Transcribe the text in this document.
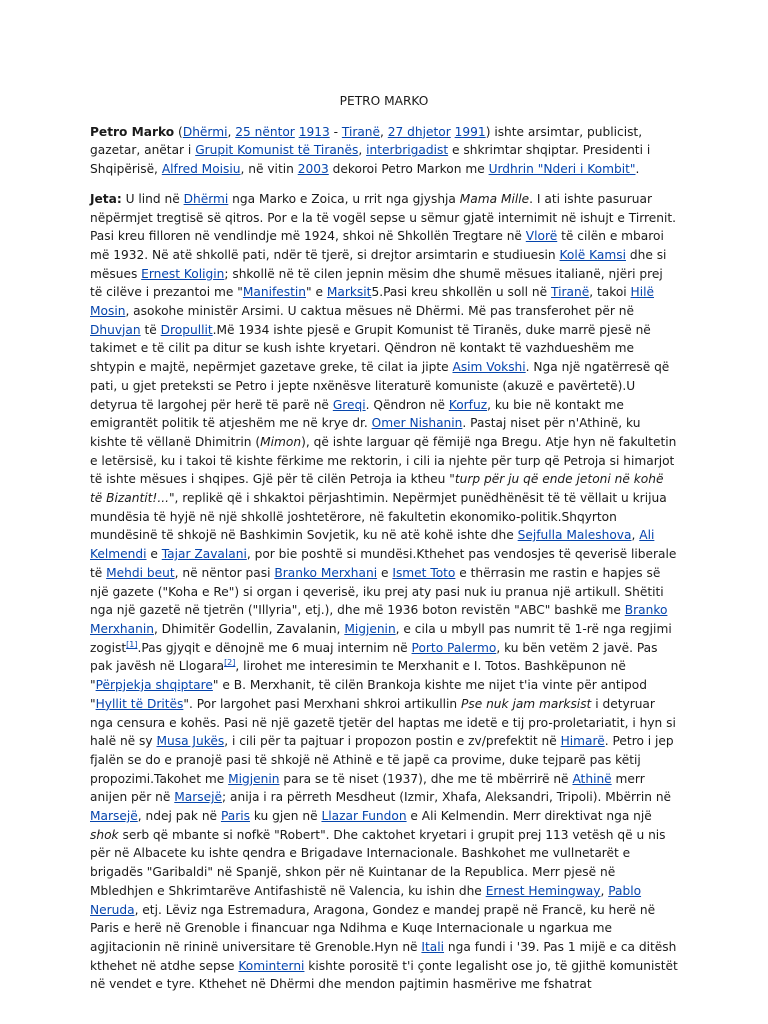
PETRO MARKO

Petro Marko (Dhërmi, 25 nëntor 1913 - Tiranë, 27 dhjetor 1991) ishte arsimtar, publicist, gazetar, anëtar i Grupit Komunist të Tiranës, interbrigadist e shkrimtar shqiptar. Presidenti i Shqipërisë, Alfred Moisiu, në vitin 2003 dekoroi Petro Markon me Urdhrin "Nderi i Kombit".

Jeta: U lind në Dhërmi nga Marko e Zoica, u rrit nga gjyshja Mama Mille. I ati ishte pasuruar nëpërmjet tregtisë së qitros. Por e la të vogël sepse u sëmur gjatë internimit në ishujt e Tirrenit. Pasi kreu filloren në vendlindje më 1924, shkoi në Shkollën Tregtare në Vlorë të cilën e mbaroi më 1932. Në atë shkollë pati, ndër të tjerë, si drejtor arsimtarin e studiuesin Kolë Kamsi dhe si mësues Ernest Koligin; shkollë në të cilen jepnin mësim dhe shumë mësues italianë, njëri prej të cilëve i prezantoi me "Manifestin" e Marksit5.Pasi kreu shkollën u soll në Tiranë, takoi Hilë Mosin, asokohe ministër Arsimi. U caktua mësues në Dhërmi. Më pas transferohet për në Dhuvjan të Dropullit.Më 1934 ishte pjesë e Grupit Komunist të Tiranës, duke marrë pjesë në takimet e të cilit pa ditur se kush ishte kryetari. Qëndron në kontakt të vazhdueshëm me shtypin e majtë, nepërmjet gazetave greke, të cilat ia jipte Asim Vokshi. Nga një ngatërresë që pati, u gjet preteksti se Petro i jepte nxënësve literaturë komuniste (akuzë e pavërtetë).U detyrua të largohej për herë të parë në Greqi. Qëndron në Korfuz, ku bie në kontakt me emigrantët politik të atjeshëm me në krye dr. Omer Nishanin. Pastaj niset për n'Athinë, ku kishte të vëllanë Dhimitrin (Mimon), që ishte larguar që fëmijë nga Bregu. Atje hyn në fakultetin e letërsisë, ku i takoi të kishte fërkime me rektorin, i cili ia njehte për turp që Petroja si himarjot të ishte mësues i shqipes. Gjë për të cilën Petroja ia ktheu "turp për ju që ende jetoni në kohë të Bizantit!...", replikë që i shkaktoi përjashtimin. Nepërmjet punëdhënësit të të vëllait u krijua mundësia të hyjë në një shkollë joshtetërore, në fakultetin ekonomiko-politik.Shqyrton mundësinë të shkojë në Bashkimin Sovjetik, ku në atë kohë ishte dhe Sejfulla Maleshova, Ali Kelmendi e Tajar Zavalani, por bie poshtë si mundësi.Kthehet pas vendosjes të qeverisë liberale të Mehdi beut, në nëntor pasi Branko Merxhani e Ismet Toto e thërrasin me rastin e hapjes së një gazete ("Koha e Re") si organ i qeverisë, iku prej aty pasi nuk iu pranua një artikull. Shëtiti nga një gazetë në tjetrën ("Illyria", etj.), dhe më 1936 boton revistën "ABC" bashkë me Branko Merxhanin, Dhimitër Godellin, Zavalanin, Migjenin, e cila u mbyll pas numrit të 1-rë nga regjimi zogist[1].Pas gjyqit e dënojnë me 6 muaj internim në Porto Palermo, ku bën vetëm 2 javë. Pas pak javësh në Llogara[2], lirohet me interesimin te Merxhanit e I. Totos. Bashkëpunon në "Përpjekja shqiptare" e B. Merxhanit, të cilën Brankoja kishte me nijet t'ia vinte për antipod "Hyllit të Dritës". Por largohet pasi Merxhani shkroi artikullin Pse nuk jam marksist i detyruar nga censura e kohës. Pasi në një gazetë tjetër del haptas me idetë e tij pro-proletariatit, i hyn si halë në sy Musa Jukës, i cili për ta pajtuar i propozon postin e zv/prefektit në Himarë. Petro i jep fjalën se do e pranojë pasi të shkojë në Athinë e të japë ca provime, duke tejparë pas këtij propozimi.Takohet me Migjenin para se të niset (1937), dhe me të mbërrirë në Athinë merr anijen për në Marsejë; anija i ra përreth Mesdheut (Izmir, Xhafa, Aleksandri, Tripoli). Mbërrin në Marsejë, ndej pak në Paris ku gjen në Llazar Fundon e Ali Kelmendin. Merr direktivat nga një shok serb që mbante si nofkë "Robert". Dhe caktohet kryetari i grupit prej 113 vetësh që u nis për në Albacete ku ishte qendra e Brigadave Internacionale. Bashkohet me vullnetarët e brigadës "Garibaldi" në Spanjë, shkon për në Kuintanar de la Republica. Merr pjesë në Mbledhjen e Shkrimtarëve Antifashistë në Valencia, ku ishin dhe Ernest Hemingway, Pablo Neruda, etj. Lëviz nga Estremadura, Aragona, Gondez e mandej prapë në Francë, ku herë në Paris e herë në Grenoble i financuar nga Ndihma e Kuqe Internacionale u ngarkua me agjitacionin në rininë universitare të Grenoble.Hyn në Itali nga fundi i '39. Pas 1 mijë e ca ditësh kthehet në atdhe sepse Kominterni kishte porositë t'i çonte legalisht ose jo, të gjithë komunistët në vendet e tyre. Kthehet në Dhërmi dhe mendon pajtimin hasmërive me fshatrat
